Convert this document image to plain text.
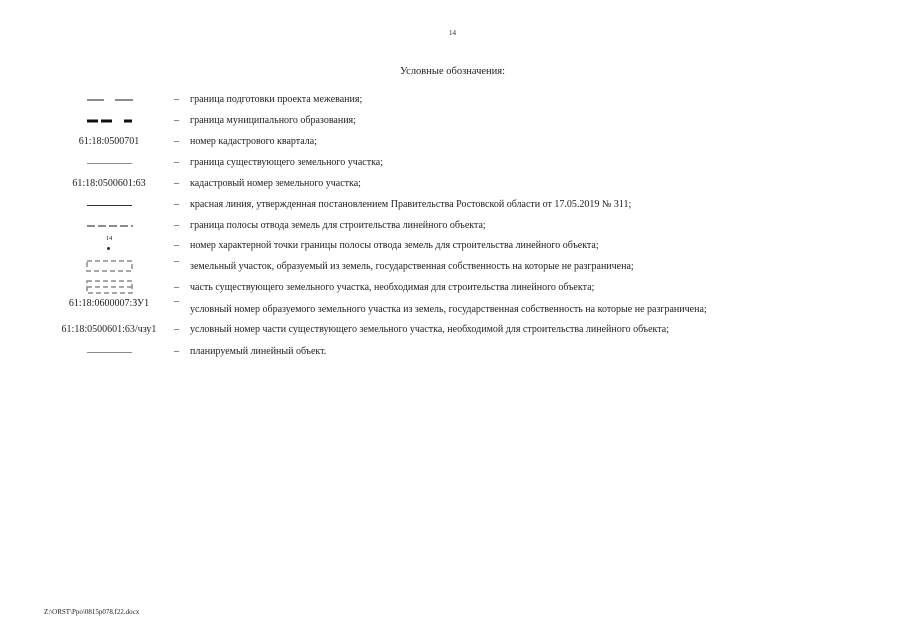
14
Условные обозначения:
– граница подготовки проекта межевания;
– граница муниципального образования;
61:18:0500701	– номер кадастрового квартала;
– граница существующего земельного участка;
61:18:0500601:63	– кадастровый номер земельного участка;
– красная линия, утвержденная постановлением Правительства Ростовской области от 17.05.2019 № 311;
– граница полосы отвода земель для строительства линейного объекта;
14
– номер характерной точки границы полосы отвода земель для строительства линейного объекта;
– земельный участок, образуемый из земель, государственная собственность на которые не разграничена;
– часть существующего земельного участка, необходимая для строительства линейного объекта;
61:18:0600007:ЗУ1	–
условный номер образуемого земельного участка из земель, государственная собственность на которые не разграничена;
61:18:0500601:63/чзу1	– условный номер части существующего земельного участка, необходимой для строительства линейного объекта;
– планируемый линейный объект.
Z:\ORST\Ppo\0815p078.f22.docx
